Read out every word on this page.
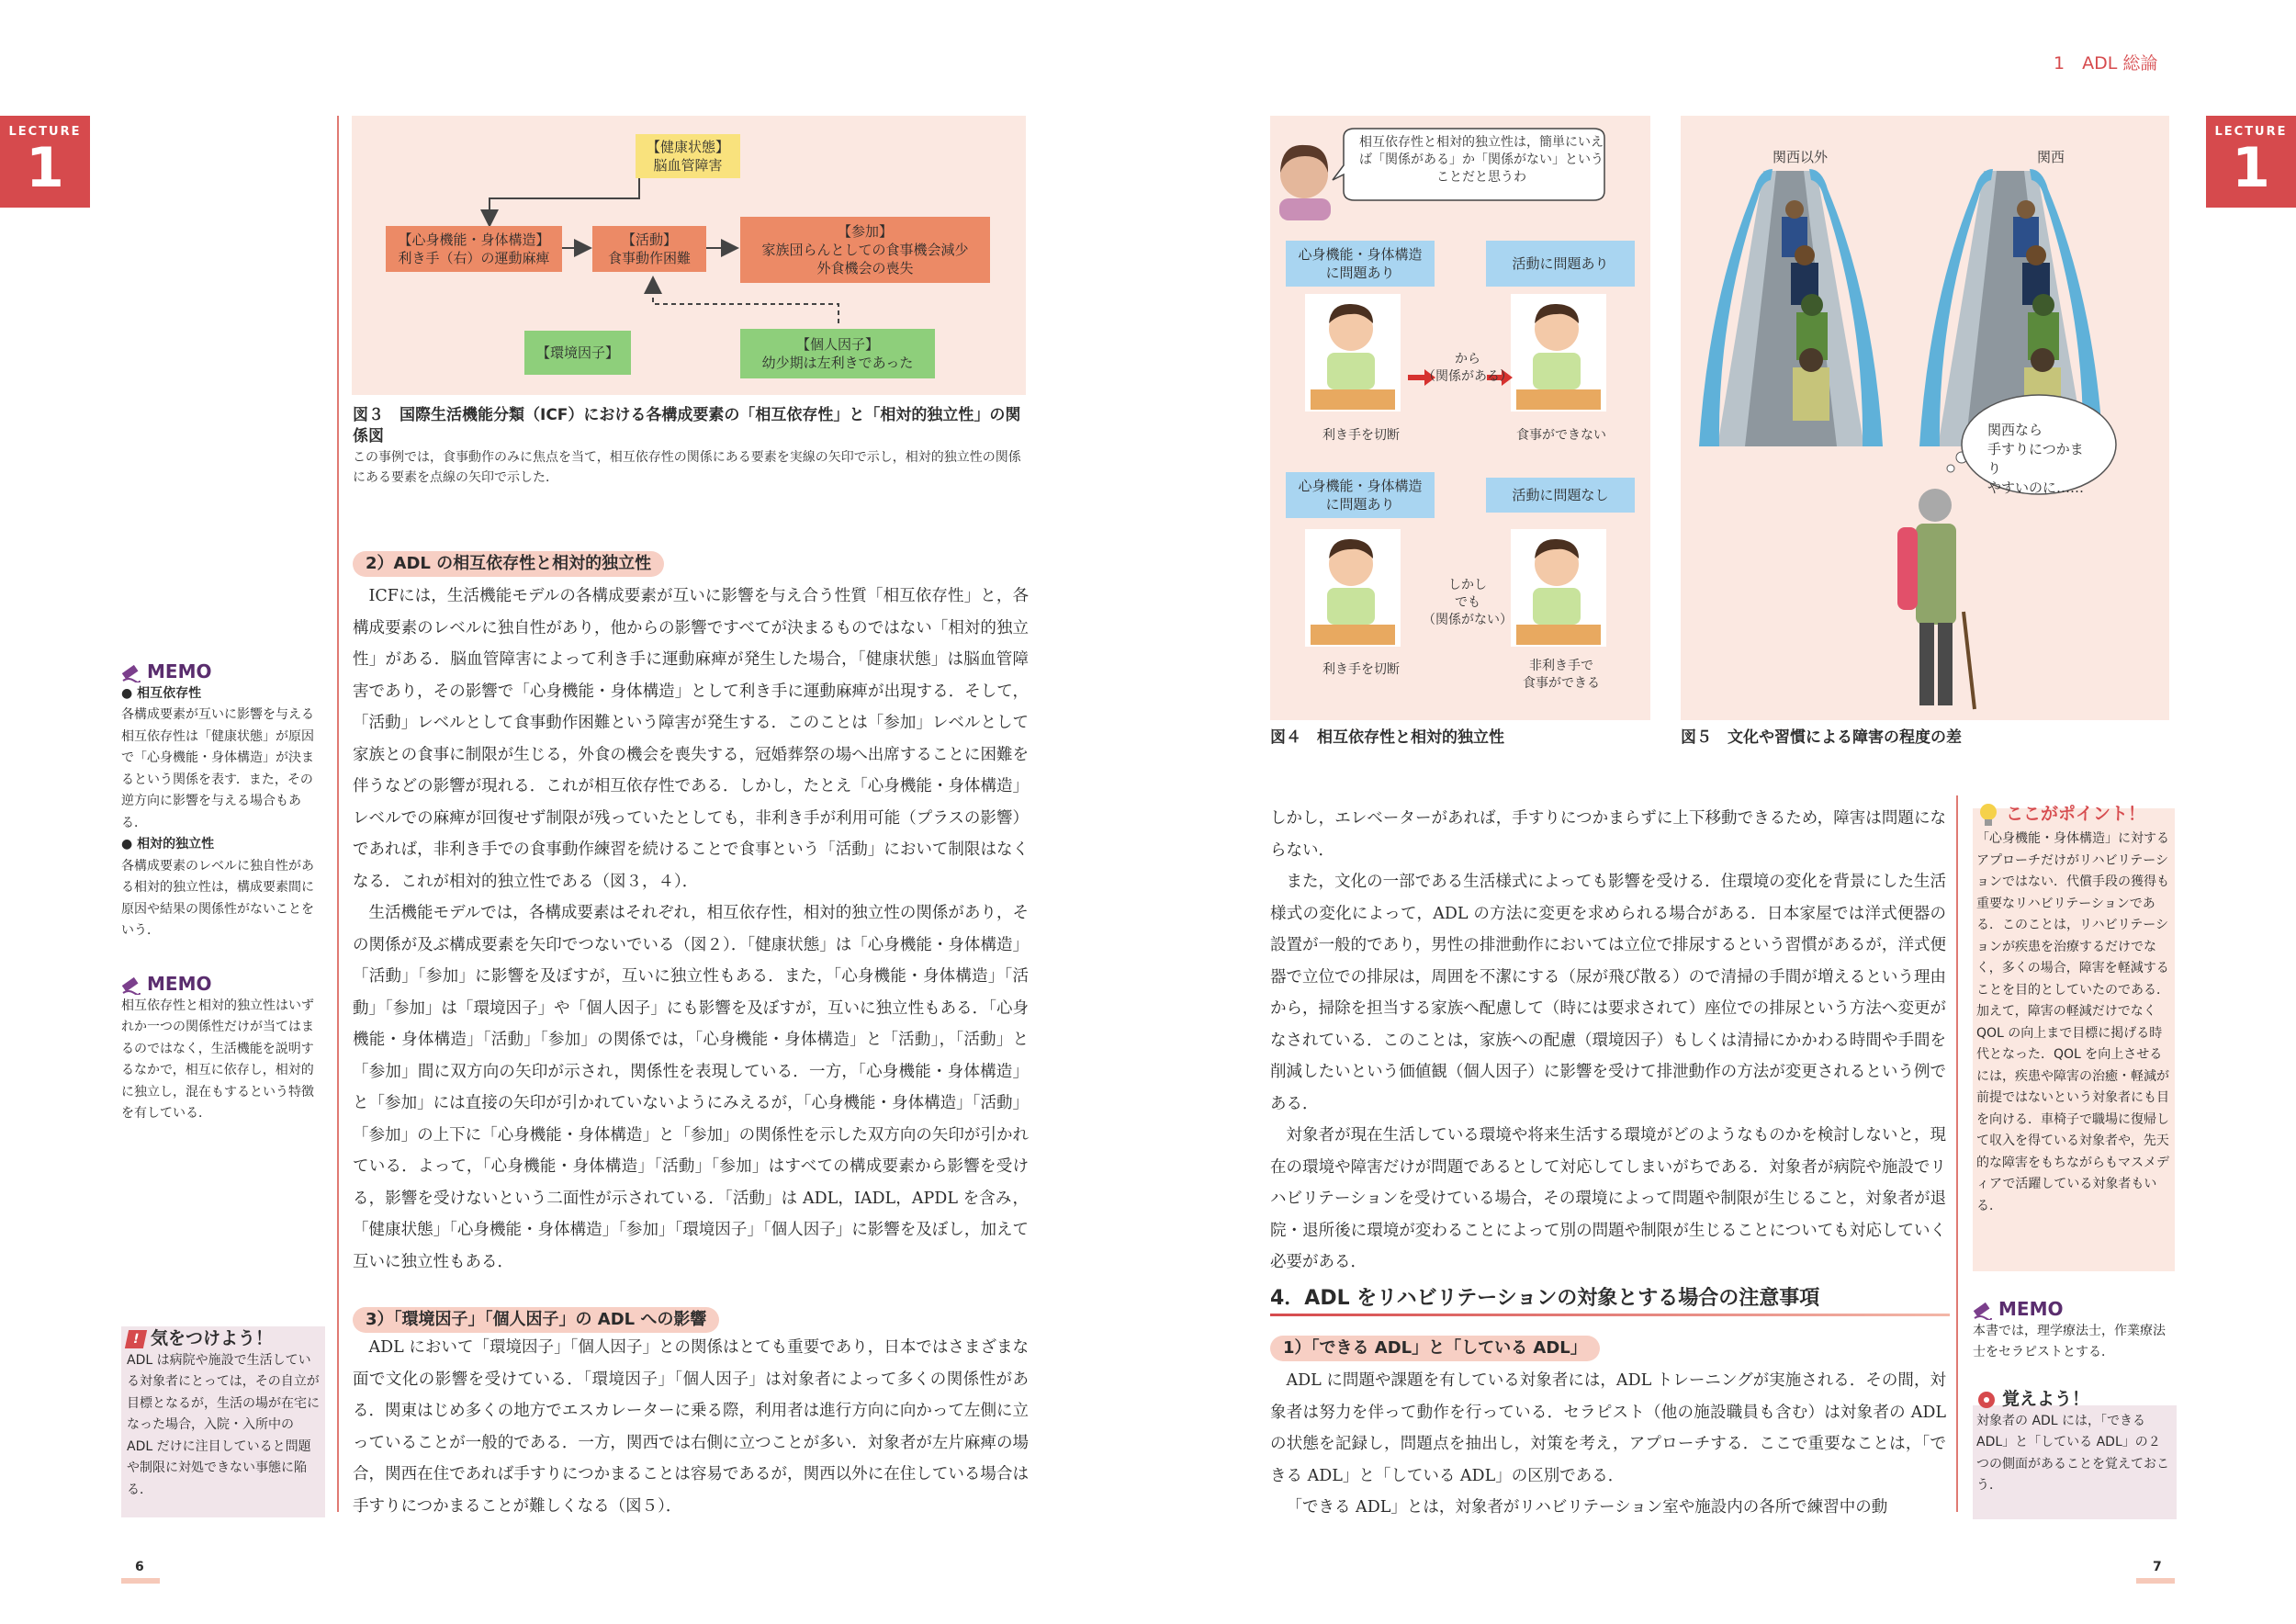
LECTURE
1
LECTURE
1
1　ADL 総論
【健康状態】
脳血管障害
【心身機能・身体構造】
利き手（右）の運動麻痺
【活動】
食事動作困難
【参加】
家族団らんとしての食事機会減少
外食機会の喪失
【環境因子】	【個人因子】
幼少期は左利きであった
図３　国際生活機能分類（ICF）における各構成要素の「相互依存性」と「相対的独立性」の関係図
この事例では，食事動作のみに焦点を当て，相互依存性の関係にある要素を実線の矢印で示し，相対的独立性の関係にある要素を点線の矢印で示した．
2）ADL の相互依存性と相対的独立性

ICFには，生活機能モデルの各構成要素が互いに影響を与え合う性質「相互依存性」と，各構成要素のレベルに独自性があり，他からの影響ですべてが決まるものではない「相対的独立性」がある．脳血管障害によって利き手に運動麻痺が発生した場合，「健康状態」は脳血管障害であり，その影響で「心身機能・身体構造」として利き手に運動麻痺が出現する．そして，「活動」レベルとして食事動作困難という障害が発生する．このことは「参加」レベルとして家族との食事に制限が生じる，外食の機会を喪失する，冠婚葬祭の場へ出席することに困難を伴うなどの影響が現れる．これが相互依存性である．しかし，たとえ「心身機能・身体構造」レベルでの麻痺が回復せず制限が残っていたとしても，非利き手が利用可能（プラスの影響）であれば，非利き手での食事動作練習を続けることで食事という「活動」において制限はなくなる．これが相対的独立性である（図３，４）．

生活機能モデルでは，各構成要素はそれぞれ，相互依存性，相対的独立性の関係があり，その関係が及ぶ構成要素を矢印でつないでいる（図２）．「健康状態」は「心身機能・身体構造」「活動」「参加」に影響を及ぼすが，互いに独立性もある．また，「心身機能・身体構造」「活動」「参加」は「環境因子」や「個人因子」にも影響を及ぼすが，互いに独立性もある．「心身機能・身体構造」「活動」「参加」の関係では，「心身機能・身体構造」と「活動」，「活動」と「参加」間に双方向の矢印が示され，関係性を表現している．一方，「心身機能・身体構造」と「参加」には直接の矢印が引かれていないようにみえるが，「心身機能・身体構造」「活動」「参加」の上下に「心身機能・身体構造」と「参加」の関係性を示した双方向の矢印が引かれている．よって，「心身機能・身体構造」「活動」「参加」はすべての構成要素から影響を受ける，影響を受けないという二面性が示されている．「活動」は ADL，IADL，APDL を含み，「健康状態」「心身機能・身体構造」「参加」「環境因子」「個人因子」に影響を及ぼし，加えて互いに独立性もある．

3）「環境因子」「個人因子」の ADL への影響

ADL において「環境因子」「個人因子」との関係はとても重要であり，日本ではさまざまな面で文化の影響を受けている．「環境因子」「個人因子」は対象者によって多くの関係性がある．関東はじめ多くの地方でエスカレーターに乗る際，利用者は進行方向に向かって左側に立っていることが一般的である．一方，関西では右側に立つことが多い．対象者が左片麻痺の場合，関西在住であれば手すりにつかまることは容易であるが，関西以外に在住している場合は手すりにつかまることが難しくなる（図５）．

MEMO
● 相互依存性
各構成要素が互いに影響を与える相互依存性は「健康状態」が原因で「心身機能・身体構造」が決まるという関係を表す．また，その逆方向に影響を与える場合もある．
● 相対的独立性
各構成要素のレベルに独自性がある相対的独立性は，構成要素間に原因や結果の関係性がないことをいう．
MEMO
相互依存性と相対的独立性はいずれか一つの関係性だけが当てはまるのではなく，生活機能を説明するなかで，相互に依存し，相対的に独立し，混在もするという特徴を有している．
! 気をつけよう！
ADL は病院や施設で生活している対象者にとっては，その自立が目標となるが，生活の場が在宅になった場合，入院・入所中の ADL だけに注目していると問題や制限に対処できない事態に陥る．
6
相互依存性と相対的独立性は，簡単にいえば「関係がある」か「関係がない」ということだと思うわ
心身機能・身体構造
に問題あり
活動に問題あり
から
（関係がある）
利き手を切断	食事ができない
心身機能・身体構造
に問題あり
活動に問題なし
しかし
でも
（関係がない）
利き手を切断	非利き手で
食事ができる
図４　相互依存性と相対的独立性
関西以外	関西
関西なら
手すりにつかまり
やすいのに……
図５　文化や習慣による障害の程度の差

しかし，エレベーターがあれば，手すりにつかまらずに上下移動できるため，障害は問題にならない．

また，文化の一部である生活様式によっても影響を受ける．住環境の変化を背景にした生活様式の変化によって，ADL の方法に変更を求められる場合がある．日本家屋では洋式便器の設置が一般的であり，男性の排泄動作においては立位で排尿するという習慣があるが，洋式便器で立位での排尿は，周囲を不潔にする（尿が飛び散る）ので清掃の手間が増えるという理由から，掃除を担当する家族へ配慮して（時には要求されて）座位での排尿という方法へ変更がなされている．このことは，家族への配慮（環境因子）もしくは清掃にかかわる時間や手間を削減したいという価値観（個人因子）に影響を受けて排泄動作の方法が変更されるという例である．

対象者が現在生活している環境や将来生活する環境がどのようなものかを検討しないと，現在の環境や障害だけが問題であるとして対応してしまいがちである．対象者が病院や施設でリハビリテーションを受けている場合，その環境によって問題や制限が生じること，対象者が退院・退所後に環境が変わることによって別の問題や制限が生じることについても対応していく必要がある．

4．ADL をリハビリテーションの対象とする場合の注意事項
1）「できる ADL」と「している ADL」

ADL に問題や課題を有している対象者には，ADL トレーニングが実施される．その間，対象者は努力を伴って動作を行っている．セラピスト（他の施設職員も含む）は対象者の ADL の状態を記録し，問題点を抽出し，対策を考え，アプローチする．ここで重要なことは，「できる ADL」と「している ADL」の区別である．

「できる ADL」とは，対象者がリハビリテーション室や施設内の各所で練習中の動

ここがポイント！
「心身機能・身体構造」に対するアプローチだけがリハビリテーションではない．代償手段の獲得も重要なリハビリテーションである．このことは，リハビリテーションが疾患を治療するだけでなく，多くの場合，障害を軽減することを目的としていたのである．加えて，障害の軽減だけでなく QOL の向上まで目標に掲げる時代となった．QOL を向上させるには，疾患や障害の治癒・軽減が前提ではないという対象者にも目を向ける．車椅子で職場に復帰して収入を得ている対象者や，先天的な障害をもちながらもマスメディアで活躍している対象者もいる．
MEMO
本書では，理学療法士，作業療法士をセラピストとする．
覚えよう！
対象者の ADL には，「できる ADL」と「している ADL」の２つの側面があることを覚えておこう．
7
